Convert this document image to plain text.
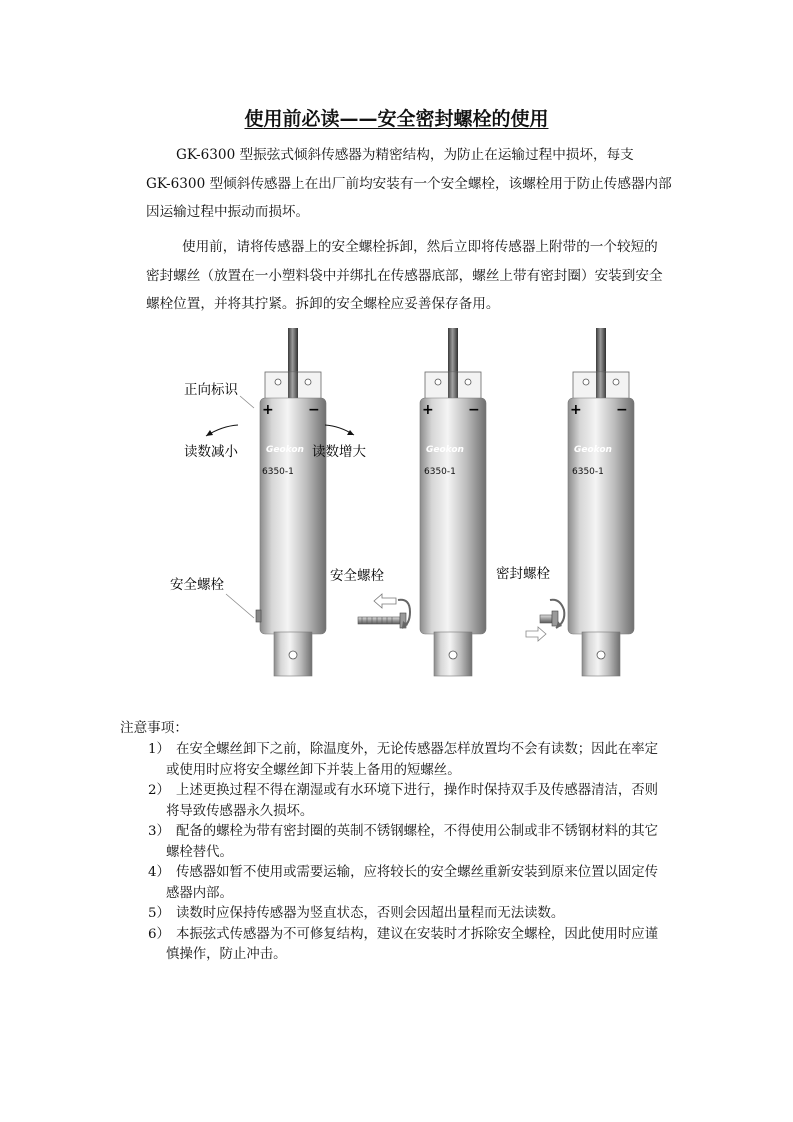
使用前必读——安全密封螺栓的使用
GK-6300 型振弦式倾斜传感器为精密结构，为防止在运输过程中损坏，每支
GK-6300 型倾斜传感器上在出厂前均安装有一个安全螺栓，该螺栓用于防止传感器内部
因运输过程中振动而损坏。
使用前，请将传感器上的安全螺栓拆卸，然后立即将传感器上附带的一个较短的
密封螺丝（放置在一小塑料袋中并绑扎在传感器底部，螺丝上带有密封圈）安装到安全
螺栓位置，并将其拧紧。拆卸的安全螺栓应妥善保存备用。
+ −
Geokon
6350-1
+ −
Geokon
6350-1
+ −
Geokon
6350-1
正向标识
读数减小	读数增大
安全螺栓
安全螺栓	密封螺栓

注意事项：

1） 在安全螺丝卸下之前，除温度外，无论传感器怎样放置均不会有读数；因此在率定
或使用时应将安全螺丝卸下并装上备用的短螺丝。
2） 上述更换过程不得在潮湿或有水环境下进行，操作时保持双手及传感器清洁，否则
将导致传感器永久损坏。
3） 配备的螺栓为带有密封圈的英制不锈钢螺栓，不得使用公制或非不锈钢材料的其它
螺栓替代。
4） 传感器如暂不使用或需要运输，应将较长的安全螺丝重新安装到原来位置以固定传
感器内部。
5） 读数时应保持传感器为竖直状态，否则会因超出量程而无法读数。
6） 本振弦式传感器为不可修复结构，建议在安装时才拆除安全螺栓，因此使用时应谨
慎操作，防止冲击。
